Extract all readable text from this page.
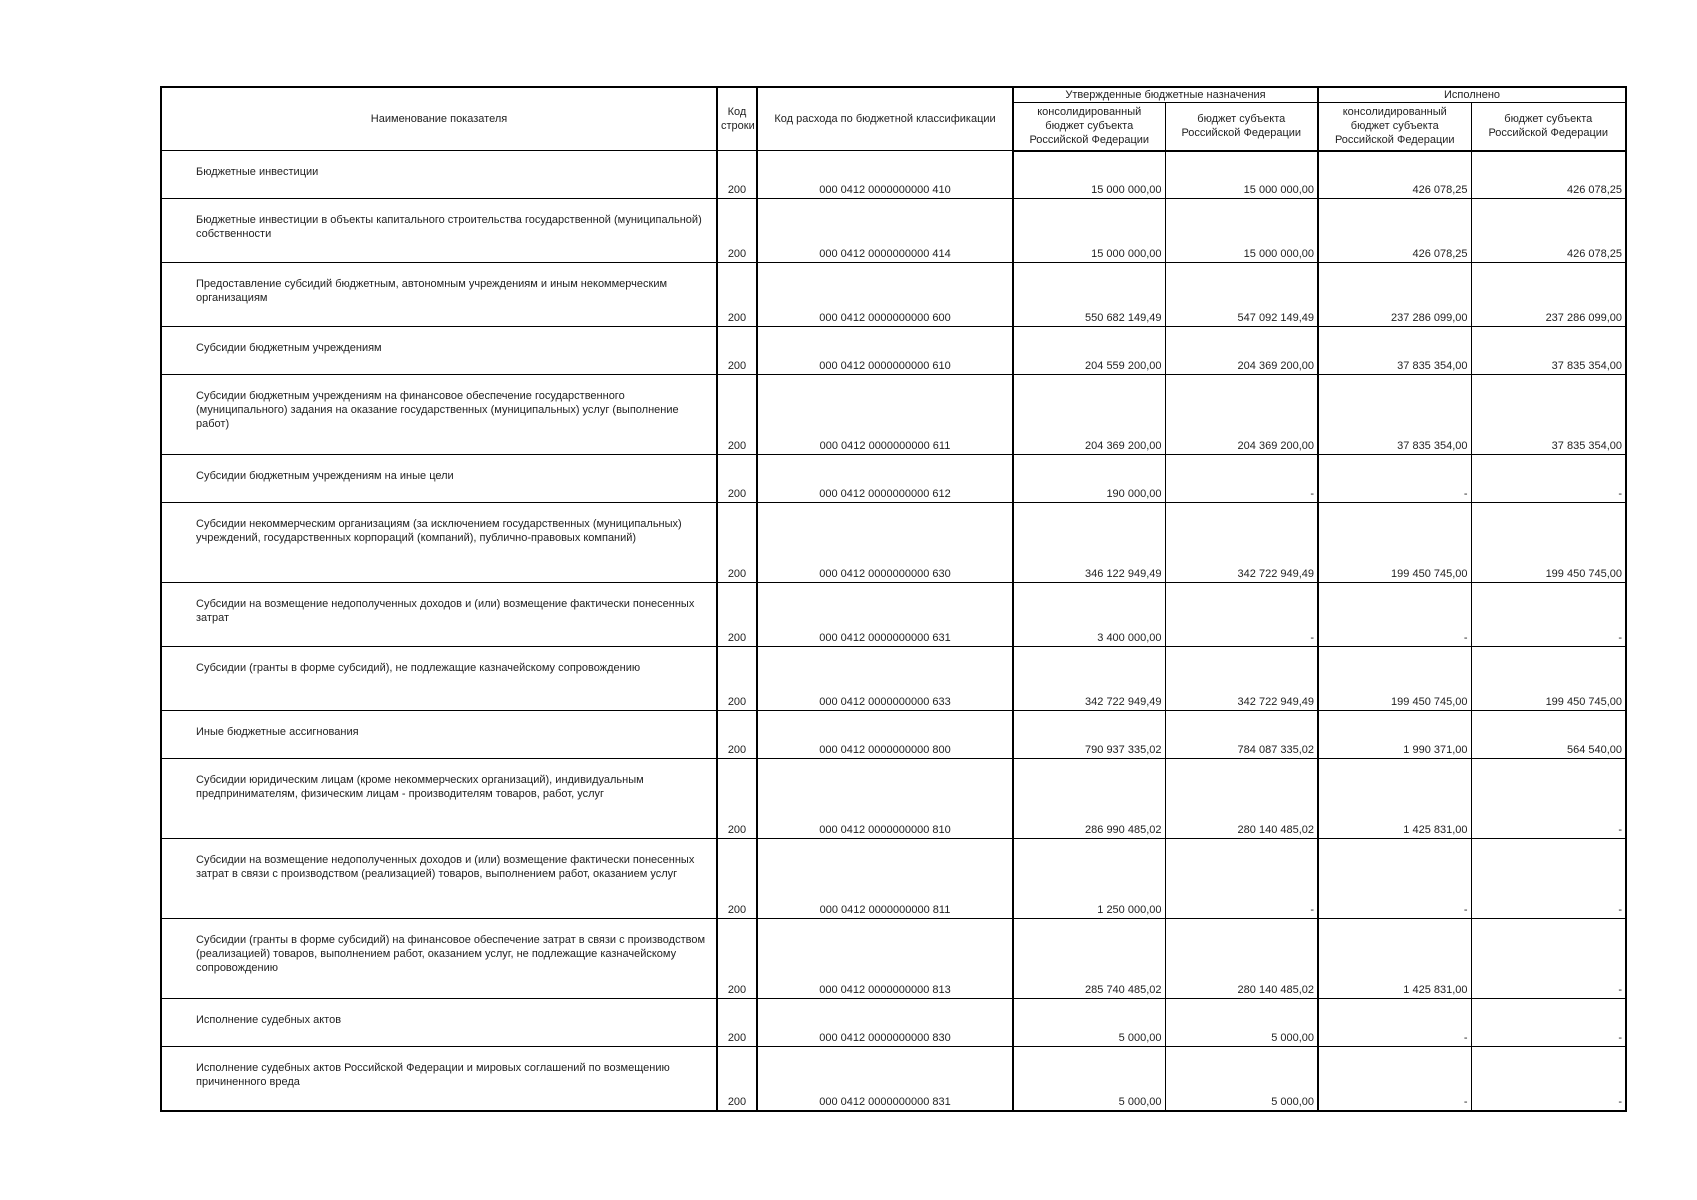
Наименование показателя	Код строки	Код расхода по бюджетной классификации	Утвержденные бюджетные назначения		Исполнено	
			консолидированный бюджет субъекта Российской Федерации	бюджет субъекта Российской Федерации	консолидированный бюджет субъекта Российской Федерации	бюджет субъекта Российской Федерации
Бюджетные инвестиции	200	000 0412 0000000000 410	15 000 000,00	15 000 000,00	426 078,25	426 078,25
Бюджетные инвестиции в объекты капитального строительства государственной (муниципальной) собственности	200	000 0412 0000000000 414	15 000 000,00	15 000 000,00	426 078,25	426 078,25
Предоставление субсидий бюджетным, автономным учреждениям и иным некоммерческим организациям	200	000 0412 0000000000 600	550 682 149,49	547 092 149,49	237 286 099,00	237 286 099,00
Субсидии бюджетным учреждениям	200	000 0412 0000000000 610	204 559 200,00	204 369 200,00	37 835 354,00	37 835 354,00
Субсидии бюджетным учреждениям на финансовое обеспечение государственного (муниципального) задания на оказание государственных (муниципальных) услуг (выполнение работ)	200	000 0412 0000000000 611	204 369 200,00	204 369 200,00	37 835 354,00	37 835 354,00
Субсидии бюджетным учреждениям на иные цели	200	000 0412 0000000000 612	190 000,00	-	-	-
Субсидии некоммерческим организациям (за исключением государственных (муниципальных) учреждений, государственных корпораций (компаний), публично-правовых компаний)	200	000 0412 0000000000 630	346 122 949,49	342 722 949,49	199 450 745,00	199 450 745,00
Субсидии на возмещение недополученных доходов и (или) возмещение фактически понесенных затрат	200	000 0412 0000000000 631	3 400 000,00	-	-	-
Субсидии (гранты в форме субсидий), не подлежащие казначейскому сопровождению	200	000 0412 0000000000 633	342 722 949,49	342 722 949,49	199 450 745,00	199 450 745,00
Иные бюджетные ассигнования	200	000 0412 0000000000 800	790 937 335,02	784 087 335,02	1 990 371,00	564 540,00
Субсидии юридическим лицам (кроме некоммерческих организаций), индивидуальным предпринимателям, физическим лицам - производителям товаров, работ, услуг	200	000 0412 0000000000 810	286 990 485,02	280 140 485,02	1 425 831,00	-
Субсидии на возмещение недополученных доходов и (или) возмещение фактически понесенных затрат в связи с производством (реализацией) товаров, выполнением работ, оказанием услуг	200	000 0412 0000000000 811	1 250 000,00	-	-	-
Субсидии (гранты в форме субсидий) на финансовое обеспечение затрат в связи с производством (реализацией) товаров, выполнением работ, оказанием услуг, не подлежащие казначейскому сопровождению	200	000 0412 0000000000 813	285 740 485,02	280 140 485,02	1 425 831,00	-
Исполнение судебных актов	200	000 0412 0000000000 830	5 000,00	5 000,00	-	-
Исполнение судебных актов Российской Федерации и мировых соглашений по возмещению причиненного вреда	200	000 0412 0000000000 831	5 000,00	5 000,00	-	-
